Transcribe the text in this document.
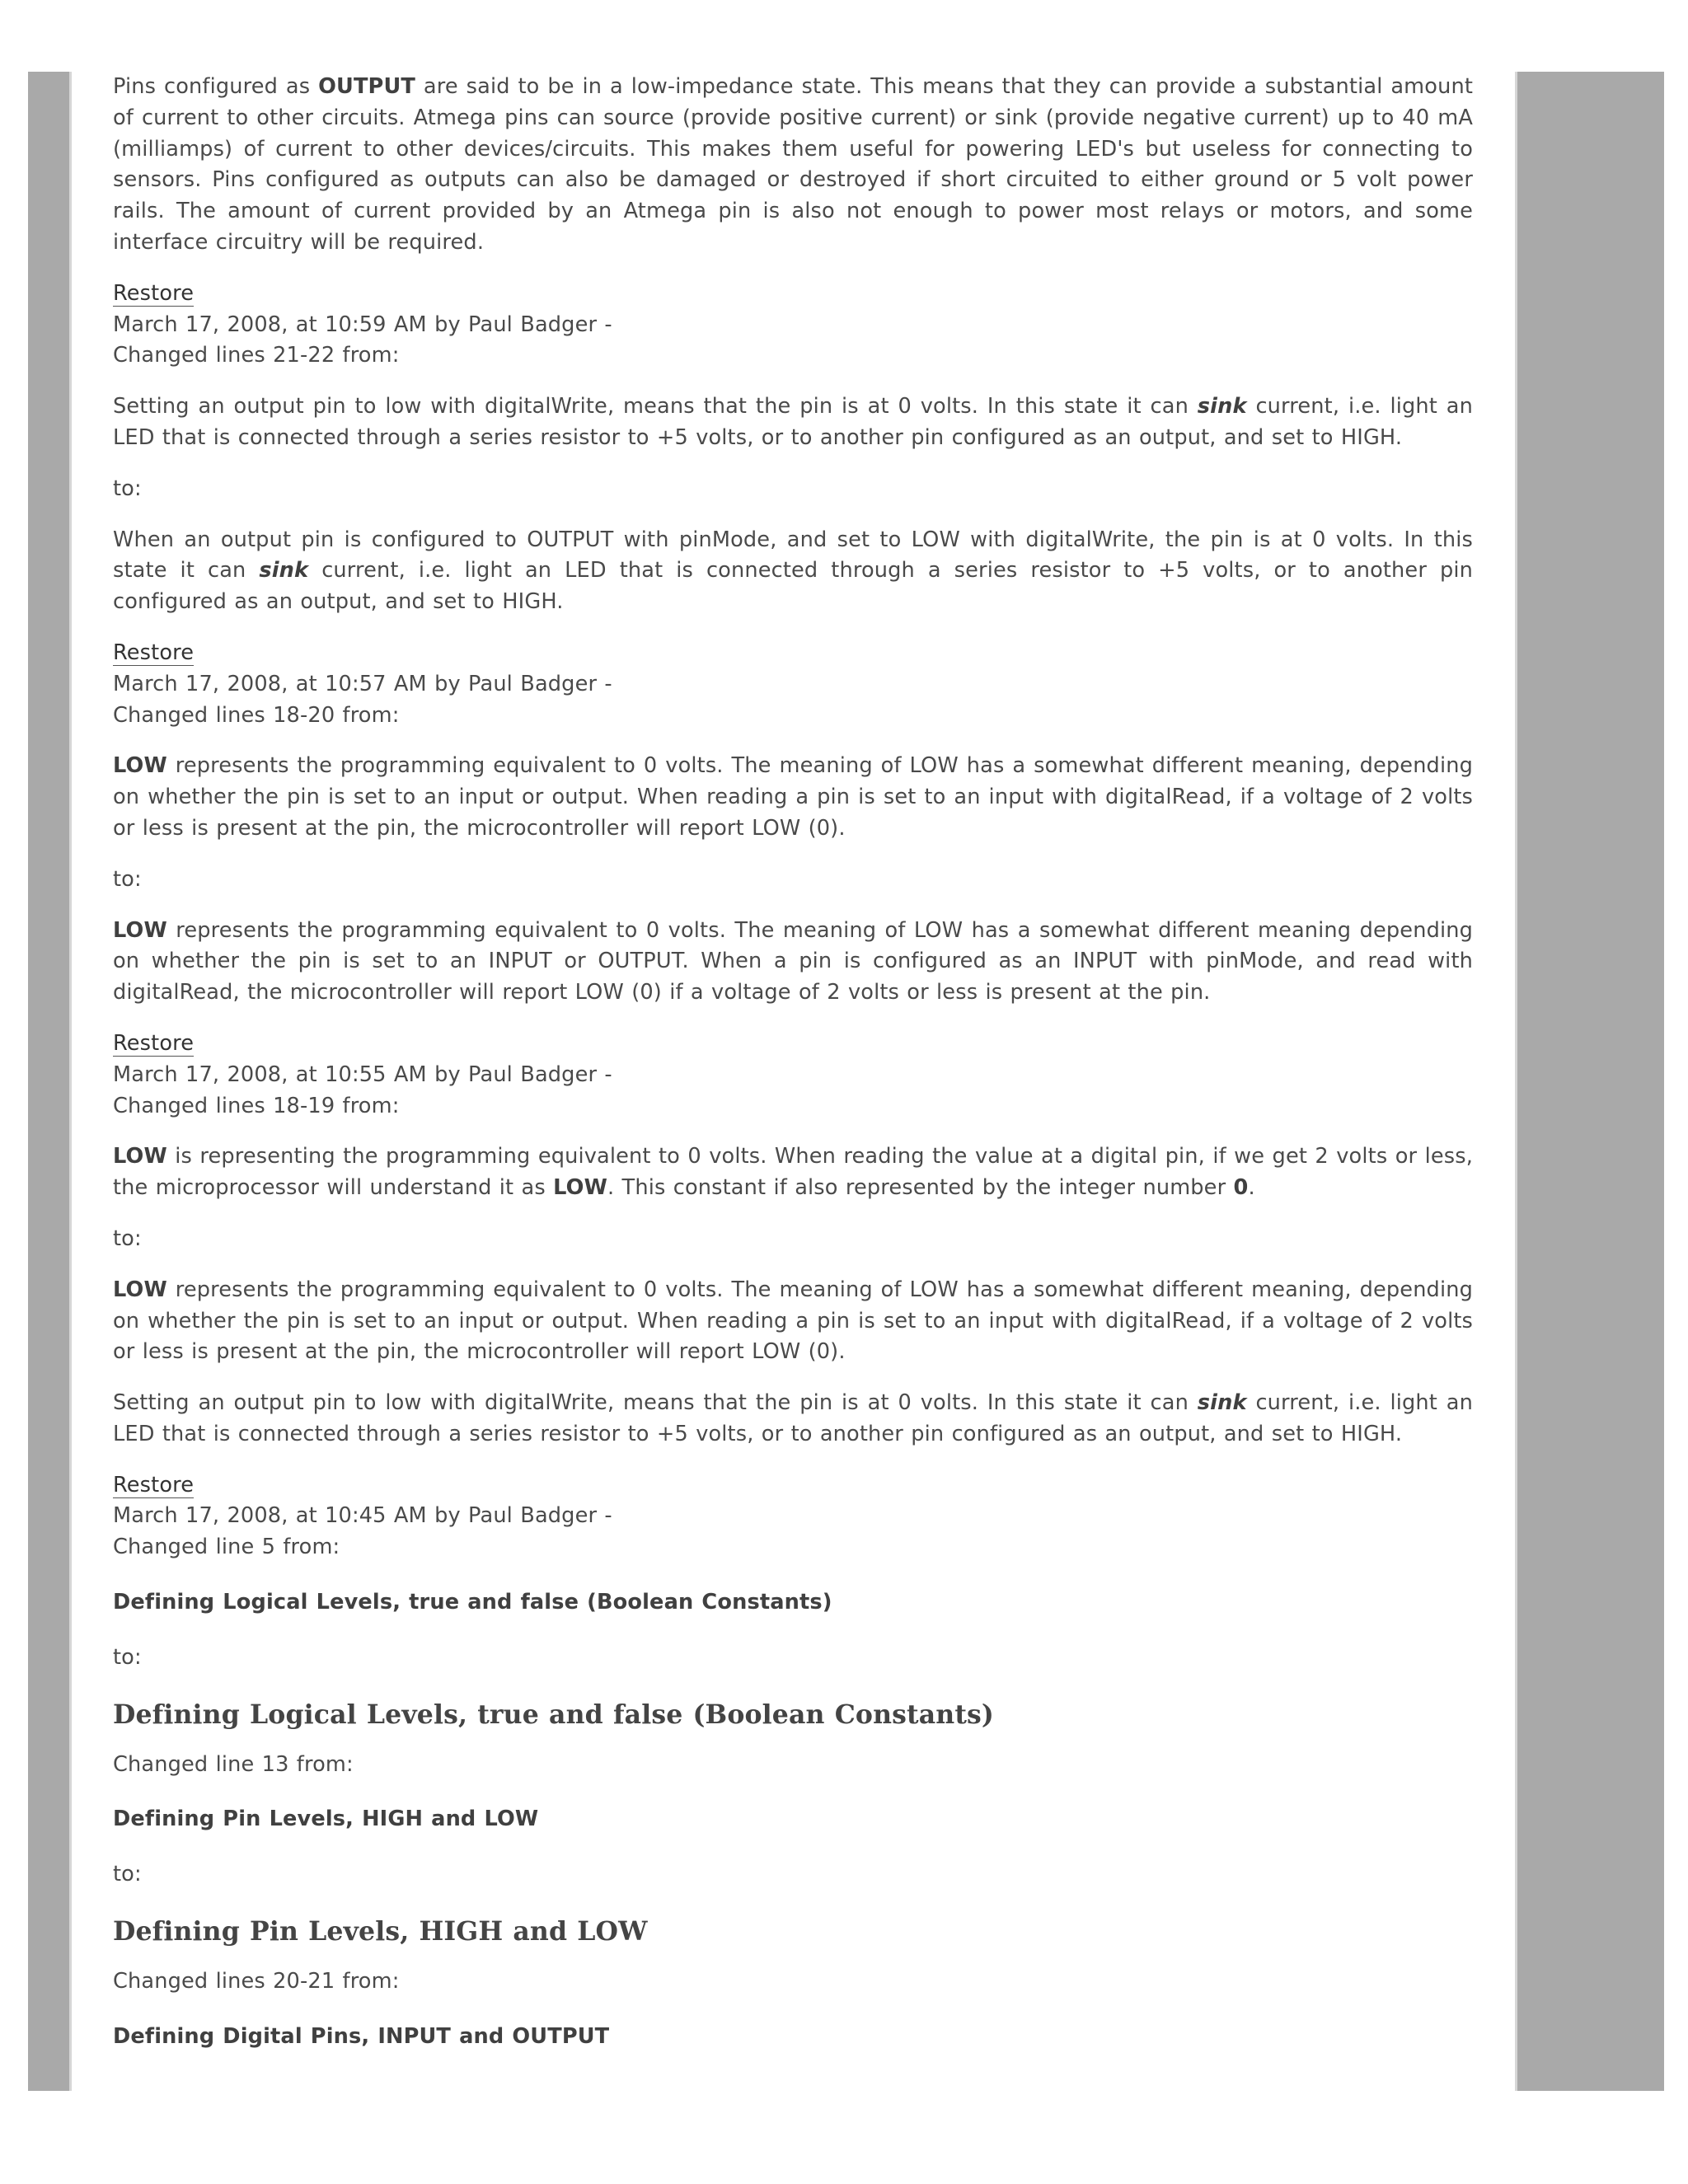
Pins configured as OUTPUT are said to be in a low-impedance state. This means that they can provide a substantial amount of current to other circuits. Atmega pins can source (provide positive current) or sink (provide negative current) up to 40 mA (milliamps) of current to other devices/circuits. This makes them useful for powering LED's but useless for connecting to sensors. Pins configured as outputs can also be damaged or destroyed if short circuited to either ground or 5 volt power rails. The amount of current provided by an Atmega pin is also not enough to power most relays or motors, and some interface circuitry will be required.

Restore
March 17, 2008, at 10:59 AM by Paul Badger -
Changed lines 21-22 from:

Setting an output pin to low with digitalWrite, means that the pin is at 0 volts. In this state it can sink current, i.e. light an LED that is connected through a series resistor to +5 volts, or to another pin configured as an output, and set to HIGH.

to:

When an output pin is configured to OUTPUT with pinMode, and set to LOW with digitalWrite, the pin is at 0 volts. In this state it can sink current, i.e. light an LED that is connected through a series resistor to +5 volts, or to another pin configured as an output, and set to HIGH.

Restore
March 17, 2008, at 10:57 AM by Paul Badger -
Changed lines 18-20 from:

LOW represents the programming equivalent to 0 volts. The meaning of LOW has a somewhat different meaning, depending on whether the pin is set to an input or output. When reading a pin is set to an input with digitalRead, if a voltage of 2 volts or less is present at the pin, the microcontroller will report LOW (0).

to:

LOW represents the programming equivalent to 0 volts. The meaning of LOW has a somewhat different meaning depending on whether the pin is set to an INPUT or OUTPUT. When a pin is configured as an INPUT with pinMode, and read with digitalRead, the microcontroller will report LOW (0) if a voltage of 2 volts or less is present at the pin.

Restore
March 17, 2008, at 10:55 AM by Paul Badger -
Changed lines 18-19 from:

LOW is representing the programming equivalent to 0 volts. When reading the value at a digital pin, if we get 2 volts or less, the microprocessor will understand it as LOW. This constant if also represented by the integer number 0.

to:

LOW represents the programming equivalent to 0 volts. The meaning of LOW has a somewhat different meaning, depending on whether the pin is set to an input or output. When reading a pin is set to an input with digitalRead, if a voltage of 2 volts or less is present at the pin, the microcontroller will report LOW (0).

Setting an output pin to low with digitalWrite, means that the pin is at 0 volts. In this state it can sink current, i.e. light an LED that is connected through a series resistor to +5 volts, or to another pin configured as an output, and set to HIGH.

Restore
March 17, 2008, at 10:45 AM by Paul Badger -
Changed line 5 from:
Defining Logical Levels, true and false (Boolean Constants)
to:
Defining Logical Levels, true and false (Boolean Constants)
Changed line 13 from:
Defining Pin Levels, HIGH and LOW
to:
Defining Pin Levels, HIGH and LOW
Changed lines 20-21 from:
Defining Digital Pins, INPUT and OUTPUT
